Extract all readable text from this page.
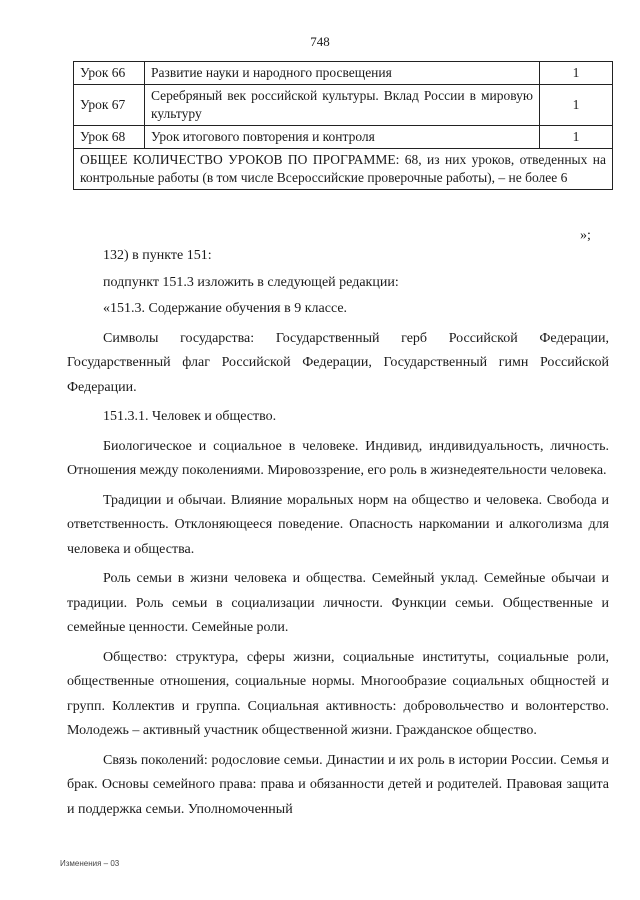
748
Урок 66	Развитие науки и народного просвещения	1
Урок 67	Серебряный век российской культуры. Вклад России в мировую культуру	1
Урок 68	Урок итогового повторения и контроля	1
ОБЩЕЕ КОЛИЧЕСТВО УРОКОВ ПО ПРОГРАММЕ: 68, из них уроков, отведенных на контрольные работы (в том числе Всероссийские проверочные работы), – не более 6		
»;

132) в пункте 151:

подпункт 151.3 изложить в следующей редакции:

«151.3. Содержание обучения в 9 классе.

Символы государства: Государственный герб Российской Федерации, Государственный флаг Российской Федерации, Государственный гимн Российской Федерации.

151.3.1. Человек и общество.

Биологическое и социальное в человеке. Индивид, индивидуальность, личность. Отношения между поколениями. Мировоззрение, его роль в жизнедеятельности человека.

Традиции и обычаи. Влияние моральных норм на общество и человека. Свобода и ответственность. Отклоняющееся поведение. Опасность наркомании и алкоголизма для человека и общества.

Роль семьи в жизни человека и общества. Семейный уклад. Семейные обычаи и традиции. Роль семьи в социализации личности. Функции семьи. Общественные и семейные ценности. Семейные роли.

Общество: структура, сферы жизни, социальные институты, социальные роли, общественные отношения, социальные нормы. Многообразие социальных общностей и групп. Коллектив и группа. Социальная активность: добровольчество и волонтерство. Молодежь – активный участник общественной жизни. Гражданское общество.

Связь поколений: родословие семьи. Династии и их роль в истории России. Семья и брак. Основы семейного права: права и обязанности детей и родителей. Правовая защита и поддержка семьи. Уполномоченный

Изменения – 03
